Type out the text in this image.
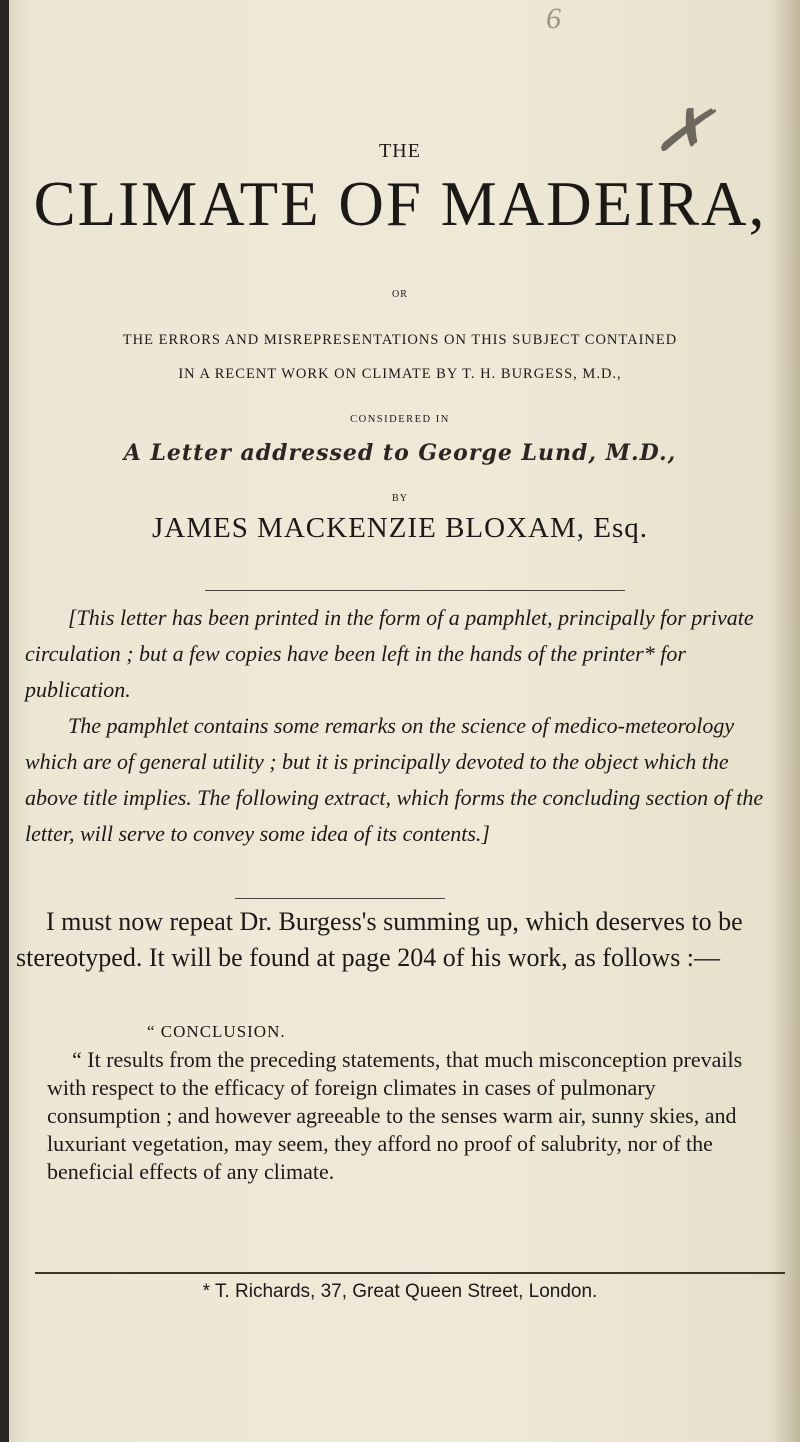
6
✗
THE
CLIMATE OF MADEIRA,
OR
THE ERRORS AND MISREPRESENTATIONS ON THIS SUBJECT CONTAINED
IN A RECENT WORK ON CLIMATE BY T. H. BURGESS, M.D.,
CONSIDERED IN
A Letter addressed to George Lund, M.D.,
BY
JAMES MACKENZIE BLOXAM, Esq.

[This letter has been printed in the form of a pamphlet, principally for private circulation ; but a few copies have been left in the hands of the printer* for publication.

The pamphlet contains some remarks on the science of medico-meteorology which are of general utility ; but it is principally devoted to the object which the above title implies. The following extract, which forms the concluding section of the letter, will serve to convey some idea of its contents.]

I must now repeat Dr. Burgess's summing up, which deserves to be stereotyped. It will be found at page 204 of his work, as follows :—

“ CONCLUSION.

“ It results from the preceding statements, that much misconception prevails with respect to the efficacy of foreign climates in cases of pulmonary consumption ; and however agreeable to the senses warm air, sunny skies, and luxuriant vegetation, may seem, they afford no proof of salubrity, nor of the beneficial effects of any climate.

* T. Richards, 37, Great Queen Street, London.
